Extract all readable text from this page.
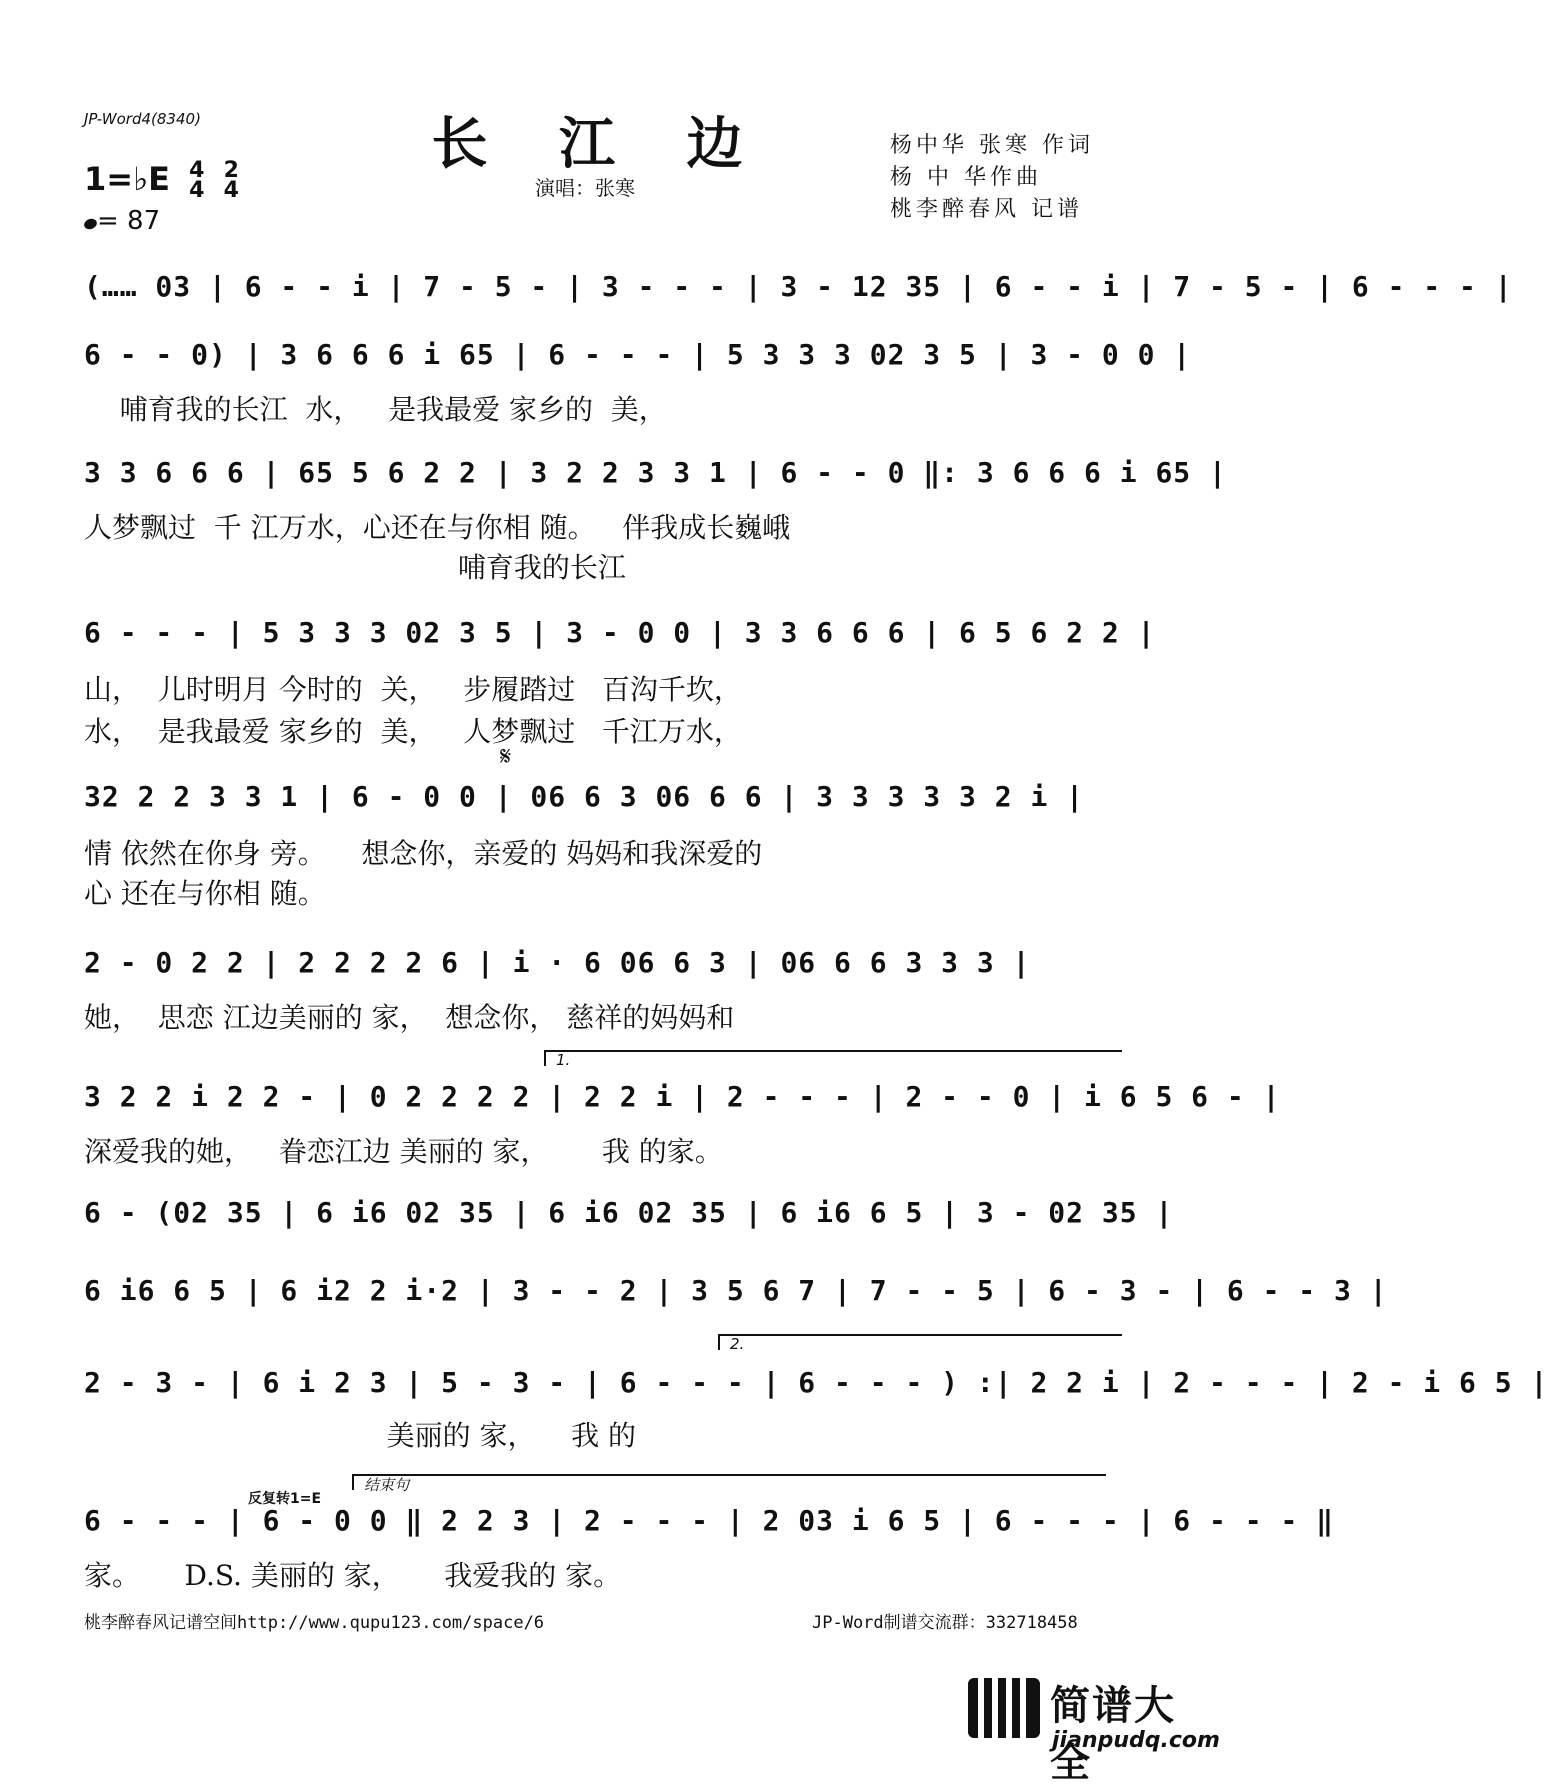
JP-Word4(8340)	长 江 边
演唱：张寒
杨中华 张寒 作词
杨 中 华作曲
桃李醉春风 记谱
1=♭E 4
4 2
4
= 87
(…… 03 | 6 - - i | 7 - 5 - | 3 - - - | 3 - 12 35 | 6 - - i | 7 - 5 - | 6 - - - |
6 - - 0) | 3 6 6 6 i 65 | 6 - - - | 5 3 3 3 02 3 5 | 3 - 0 0 |
哺育我的长江  水，   是我最爱 家乡的  美，
3 3 6 6 6 | 65 5 6 2 2 | 3 2 2 3 3 1 | 6 - - 0 ‖: 3 6 6 6 i 65 |
人梦飘过  千 江万水，心还在与你相 随。   伴我成长巍峨
哺育我的长江
6 - - - | 5 3 3 3 02 3 5 | 3 - 0 0 | 3 3 6 6 6 | 6 5 6 2 2 |
山，  儿时明月 今时的  关，   步履踏过   百沟千坎，
水，  是我最爱 家乡的  美，   人梦飘过   千江万水，
𝄋
32 2 2 3 3 1 | 6 - 0 0 | 06 6 3 06 6 6 | 3 3 3 3 3 2 i |
情 依然在你身 旁。    想念你，亲爱的 妈妈和我深爱的
心 还在与你相 随。
2 - 0 2 2 | 2 2 2 2 6 | i · 6 06 6 3 | 06 6 6 3 3 3 |
她，  思恋 江边美丽的 家，  想念你， 慈祥的妈妈和
1.
3 2 2 i 2 2 - | 0 2 2 2 2 | 2 2 i | 2 - - - | 2 - - 0 | i 6 5 6 - |
深爱我的她，   眷恋江边 美丽的 家，      我 的家。
6 - (02 35 | 6 i6 02 35 | 6 i6 02 35 | 6 i6 6 5 | 3 - 02 35 |
6 i6 6 5 | 6 i2 2 i·2 | 3 - - 2 | 3 5 6 7 | 7 - - 5 | 6 - 3 - | 6 - - 3 |
2.
2 - 3 - | 6 i 2 3 | 5 - 3 - | 6 - - - | 6 - - - ) :| 2 2 i | 2 - - - | 2 - i 6 5 |
美丽的 家，    我 的
反复转1=E
结束句
6 - - - | 6 - 0 0 ‖ 2 2 3 | 2 - - - | 2 03 i 6 5 | 6 - - - | 6 - - - ‖
家。     D.S. 美丽的 家，     我爱我的 家。
桃李醉春风记谱空间http://www.qupu123.com/space/6	JP-Word制谱交流群：332718458
简谱大全
jianpudq.com
